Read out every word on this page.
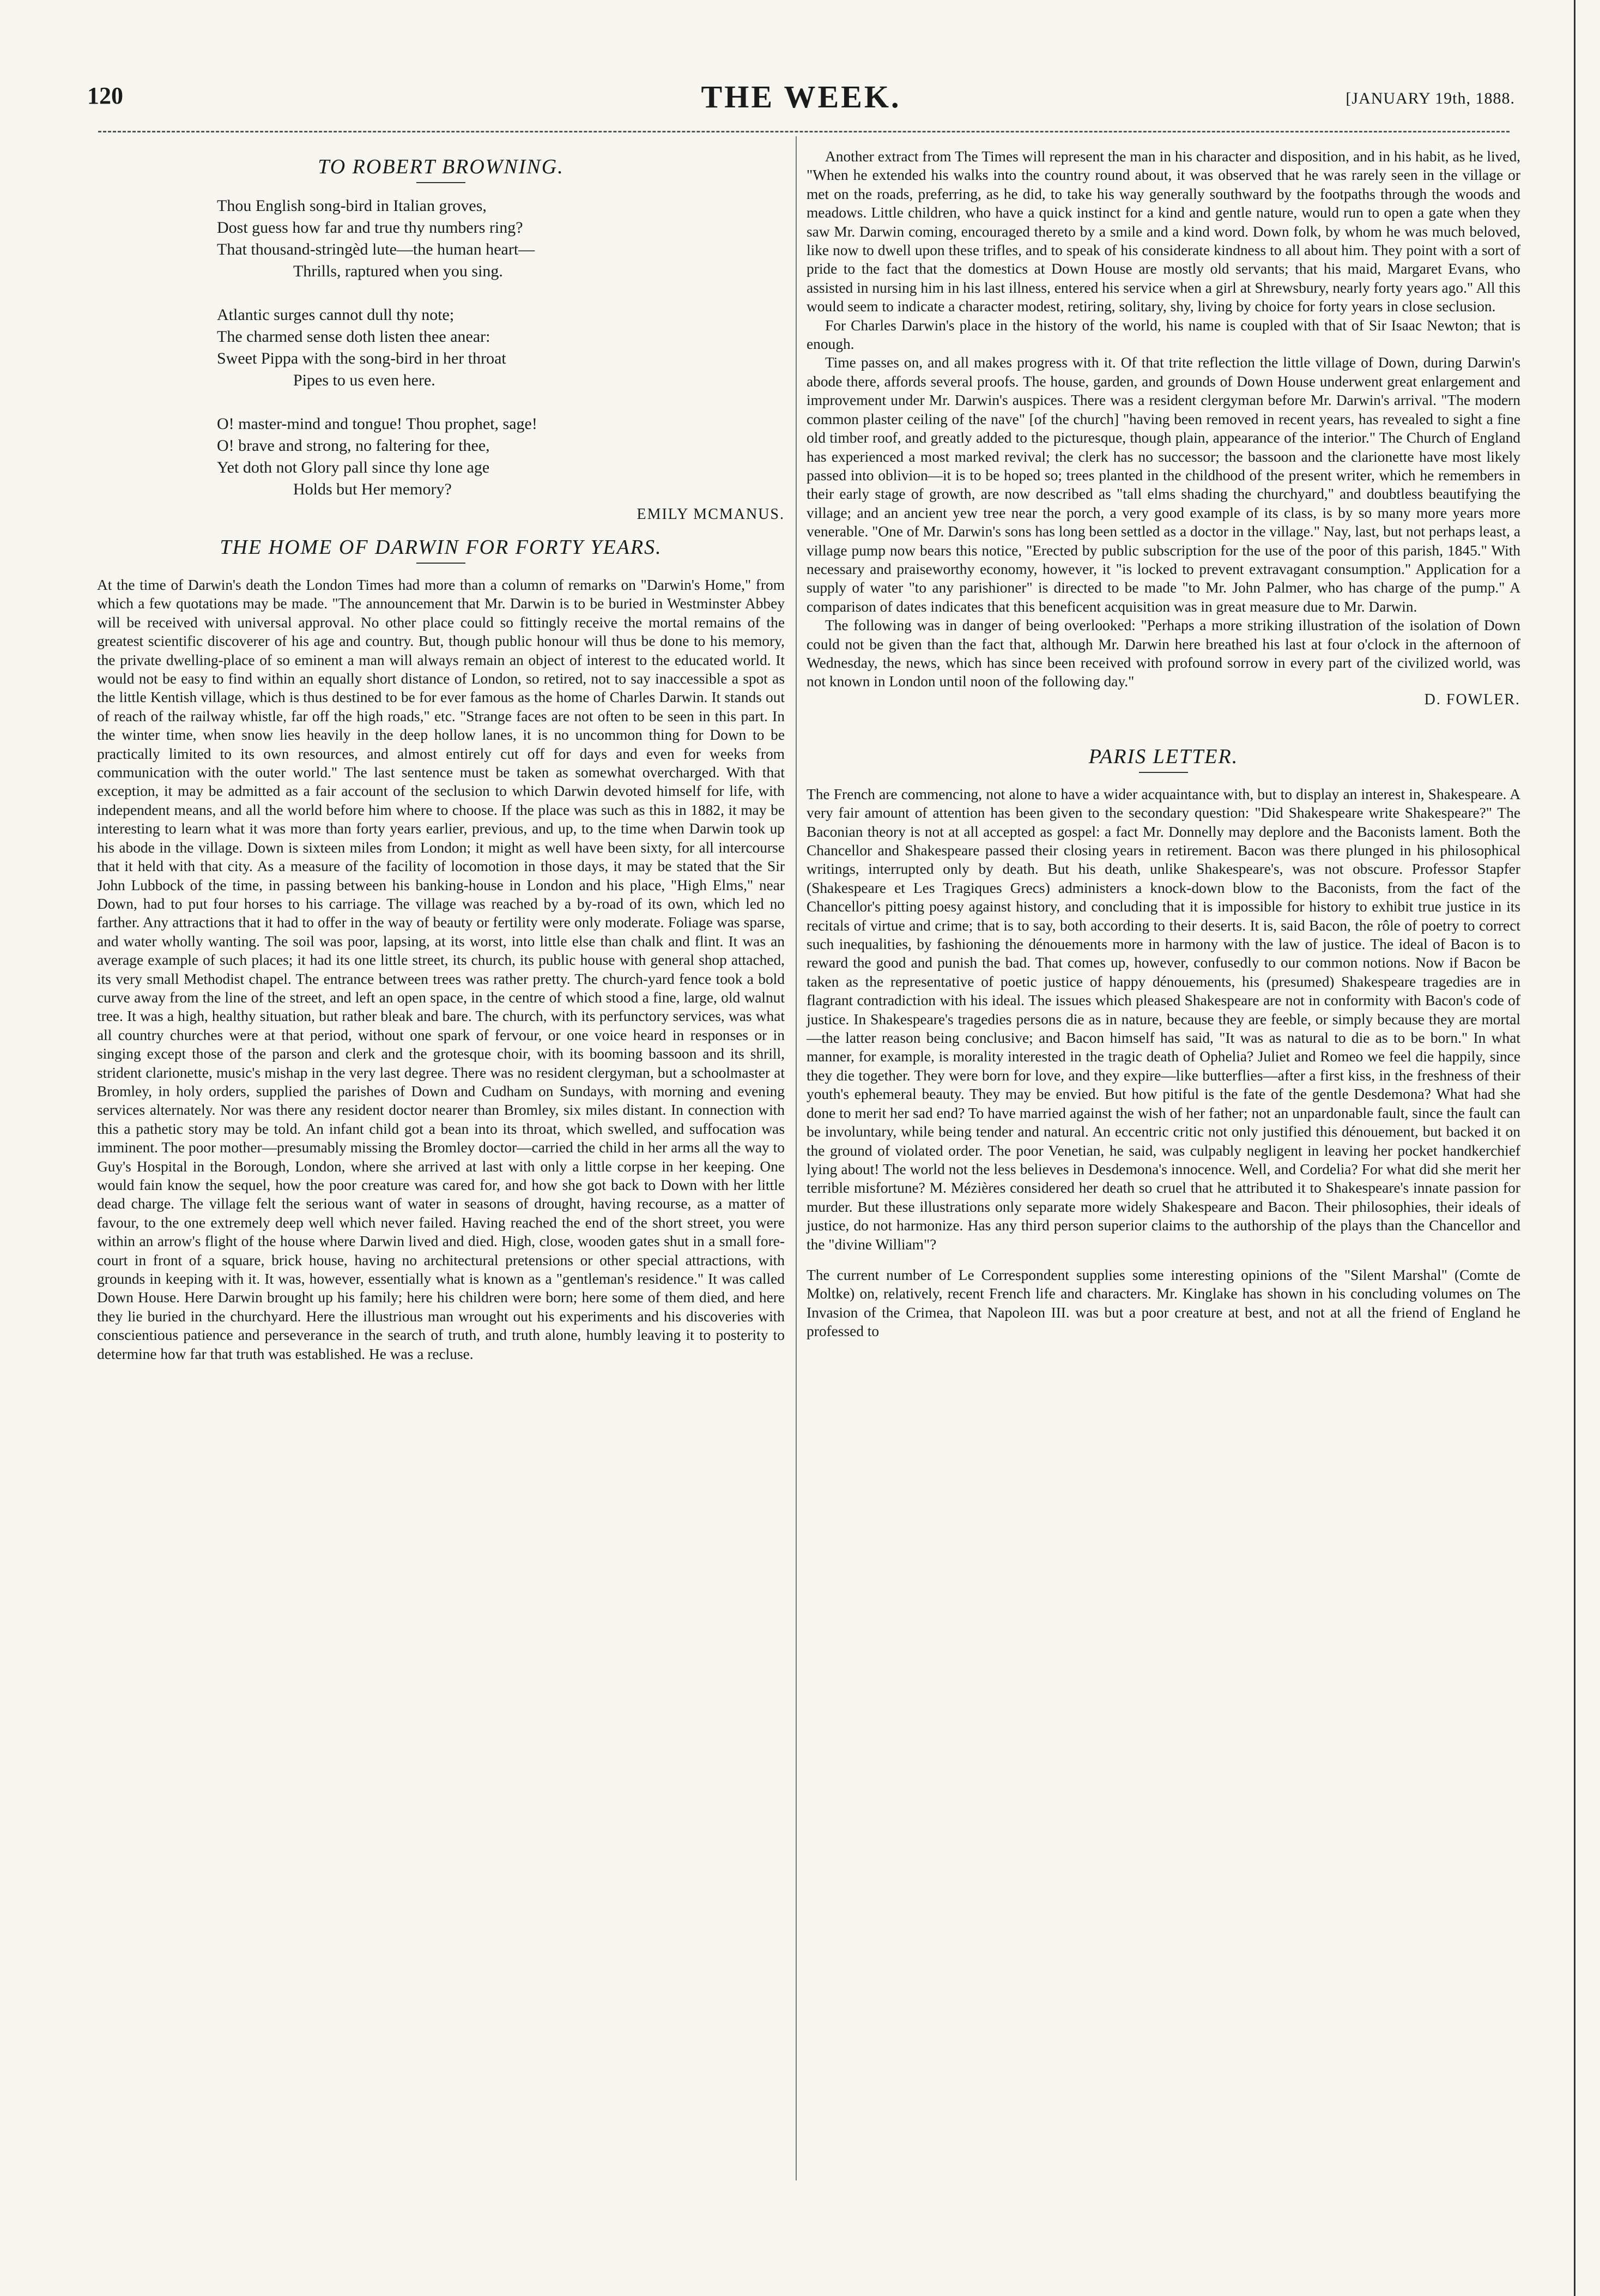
120	THE WEEK.	[JANUARY 19th, 1888.
TO ROBERT BROWNING.
Thou English song-bird in Italian groves,
Dost guess how far and true thy numbers ring?
That thousand-stringèd lute—the human heart—
Thrills, raptured when you sing.
Atlantic surges cannot dull thy note;
The charmed sense doth listen thee anear:
Sweet Pippa with the song-bird in her throat
Pipes to us even here.
O! master-mind and tongue! Thou prophet, sage!
O! brave and strong, no faltering for thee,
Yet doth not Glory pall since thy lone age
Holds but Her memory?
EMILY MCMANUS.
THE HOME OF DARWIN FOR FORTY YEARS.

At the time of Darwin's death the London Times had more than a column of remarks on "Darwin's Home," from which a few quotations may be made. "The announcement that Mr. Darwin is to be buried in Westminster Abbey will be received with universal approval. No other place could so fittingly receive the mortal remains of the greatest scientific discoverer of his age and country. But, though public honour will thus be done to his memory, the private dwelling-place of so eminent a man will always remain an object of interest to the educated world. It would not be easy to find within an equally short distance of London, so retired, not to say inaccessible a spot as the little Kentish village, which is thus destined to be for ever famous as the home of Charles Darwin. It stands out of reach of the railway whistle, far off the high roads," etc. "Strange faces are not often to be seen in this part. In the winter time, when snow lies heavily in the deep hollow lanes, it is no uncommon thing for Down to be practically limited to its own resources, and almost entirely cut off for days and even for weeks from communication with the outer world." The last sentence must be taken as somewhat overcharged. With that exception, it may be admitted as a fair account of the seclusion to which Darwin devoted himself for life, with independent means, and all the world before him where to choose. If the place was such as this in 1882, it may be interesting to learn what it was more than forty years earlier, previous, and up, to the time when Darwin took up his abode in the village. Down is sixteen miles from London; it might as well have been sixty, for all intercourse that it held with that city. As a measure of the facility of locomotion in those days, it may be stated that the Sir John Lubbock of the time, in passing between his banking-house in London and his place, "High Elms," near Down, had to put four horses to his carriage. The village was reached by a by-road of its own, which led no farther. Any attractions that it had to offer in the way of beauty or fertility were only moderate. Foliage was sparse, and water wholly wanting. The soil was poor, lapsing, at its worst, into little else than chalk and flint. It was an average example of such places; it had its one little street, its church, its public house with general shop attached, its very small Methodist chapel. The entrance between trees was rather pretty. The church-yard fence took a bold curve away from the line of the street, and left an open space, in the centre of which stood a fine, large, old walnut tree. It was a high, healthy situation, but rather bleak and bare. The church, with its perfunctory services, was what all country churches were at that period, without one spark of fervour, or one voice heard in responses or in singing except those of the parson and clerk and the grotesque choir, with its booming bassoon and its shrill, strident clarionette, music's mishap in the very last degree. There was no resident clergyman, but a schoolmaster at Bromley, in holy orders, supplied the parishes of Down and Cudham on Sundays, with morning and evening services alternately. Nor was there any resident doctor nearer than Bromley, six miles distant. In connection with this a pathetic story may be told. An infant child got a bean into its throat, which swelled, and suffocation was imminent. The poor mother—presumably missing the Bromley doctor—carried the child in her arms all the way to Guy's Hospital in the Borough, London, where she arrived at last with only a little corpse in her keeping. One would fain know the sequel, how the poor creature was cared for, and how she got back to Down with her little dead charge. The village felt the serious want of water in seasons of drought, having recourse, as a matter of favour, to the one extremely deep well which never failed. Having reached the end of the short street, you were within an arrow's flight of the house where Darwin lived and died. High, close, wooden gates shut in a small fore-court in front of a square, brick house, having no architectural pretensions or other special attractions, with grounds in keeping with it. It was, however, essentially what is known as a "gentleman's residence." It was called Down House. Here Darwin brought up his family; here his children were born; here some of them died, and here they lie buried in the churchyard. Here the illustrious man wrought out his experiments and his discoveries with conscientious patience and perseverance in the search of truth, and truth alone, humbly leaving it to posterity to determine how far that truth was established. He was a recluse.

Another extract from The Times will represent the man in his character and disposition, and in his habit, as he lived, "When he extended his walks into the country round about, it was observed that he was rarely seen in the village or met on the roads, preferring, as he did, to take his way generally southward by the footpaths through the woods and meadows. Little children, who have a quick instinct for a kind and gentle nature, would run to open a gate when they saw Mr. Darwin coming, encouraged thereto by a smile and a kind word. Down folk, by whom he was much beloved, like now to dwell upon these trifles, and to speak of his considerate kindness to all about him. They point with a sort of pride to the fact that the domestics at Down House are mostly old servants; that his maid, Margaret Evans, who assisted in nursing him in his last illness, entered his service when a girl at Shrewsbury, nearly forty years ago." All this would seem to indicate a character modest, retiring, solitary, shy, living by choice for forty years in close seclusion.

For Charles Darwin's place in the history of the world, his name is coupled with that of Sir Isaac Newton; that is enough.

Time passes on, and all makes progress with it. Of that trite reflection the little village of Down, during Darwin's abode there, affords several proofs. The house, garden, and grounds of Down House underwent great enlargement and improvement under Mr. Darwin's auspices. There was a resident clergyman before Mr. Darwin's arrival. "The modern common plaster ceiling of the nave" [of the church] "having been removed in recent years, has revealed to sight a fine old timber roof, and greatly added to the picturesque, though plain, appearance of the interior." The Church of England has experienced a most marked revival; the clerk has no successor; the bassoon and the clarionette have most likely passed into oblivion—it is to be hoped so; trees planted in the childhood of the present writer, which he remembers in their early stage of growth, are now described as "tall elms shading the churchyard," and doubtless beautifying the village; and an ancient yew tree near the porch, a very good example of its class, is by so many more years more venerable. "One of Mr. Darwin's sons has long been settled as a doctor in the village." Nay, last, but not perhaps least, a village pump now bears this notice, "Erected by public subscription for the use of the poor of this parish, 1845." With necessary and praiseworthy economy, however, it "is locked to prevent extravagant consumption." Application for a supply of water "to any parishioner" is directed to be made "to Mr. John Palmer, who has charge of the pump." A comparison of dates indicates that this beneficent acquisition was in great measure due to Mr. Darwin.

The following was in danger of being overlooked: "Perhaps a more striking illustration of the isolation of Down could not be given than the fact that, although Mr. Darwin here breathed his last at four o'clock in the afternoon of Wednesday, the news, which has since been received with profound sorrow in every part of the civilized world, was not known in London until noon of the following day."

D. FOWLER.
PARIS LETTER.

The French are commencing, not alone to have a wider acquaintance with, but to display an interest in, Shakespeare. A very fair amount of attention has been given to the secondary question: "Did Shakespeare write Shakespeare?" The Baconian theory is not at all accepted as gospel: a fact Mr. Donnelly may deplore and the Baconists lament. Both the Chancellor and Shakespeare passed their closing years in retirement. Bacon was there plunged in his philosophical writings, interrupted only by death. But his death, unlike Shakespeare's, was not obscure. Professor Stapfer (Shakespeare et Les Tragiques Grecs) administers a knock-down blow to the Baconists, from the fact of the Chancellor's pitting poesy against history, and concluding that it is impossible for history to exhibit true justice in its recitals of virtue and crime; that is to say, both according to their deserts. It is, said Bacon, the rôle of poetry to correct such inequalities, by fashioning the dénouements more in harmony with the law of justice. The ideal of Bacon is to reward the good and punish the bad. That comes up, however, confusedly to our common notions. Now if Bacon be taken as the representative of poetic justice of happy dénouements, his (presumed) Shakespeare tragedies are in flagrant contradiction with his ideal. The issues which pleased Shakespeare are not in conformity with Bacon's code of justice. In Shakespeare's tragedies persons die as in nature, because they are feeble, or simply because they are mortal—the latter reason being conclusive; and Bacon himself has said, "It was as natural to die as to be born." In what manner, for example, is morality interested in the tragic death of Ophelia? Juliet and Romeo we feel die happily, since they die together. They were born for love, and they expire—like butterflies—after a first kiss, in the freshness of their youth's ephemeral beauty. They may be envied. But how pitiful is the fate of the gentle Desdemona? What had she done to merit her sad end? To have married against the wish of her father; not an unpardonable fault, since the fault can be involuntary, while being tender and natural. An eccentric critic not only justified this dénouement, but backed it on the ground of violated order. The poor Venetian, he said, was culpably negligent in leaving her pocket handkerchief lying about! The world not the less believes in Desdemona's innocence. Well, and Cordelia? For what did she merit her terrible misfortune? M. Mézières considered her death so cruel that he attributed it to Shakespeare's innate passion for murder. But these illustrations only separate more widely Shakespeare and Bacon. Their philosophies, their ideals of justice, do not harmonize. Has any third person superior claims to the authorship of the plays than the Chancellor and the "divine William"?

The current number of Le Correspondent supplies some interesting opinions of the "Silent Marshal" (Comte de Moltke) on, relatively, recent French life and characters. Mr. Kinglake has shown in his concluding volumes on The Invasion of the Crimea, that Napoleon III. was but a poor creature at best, and not at all the friend of England he professed to
